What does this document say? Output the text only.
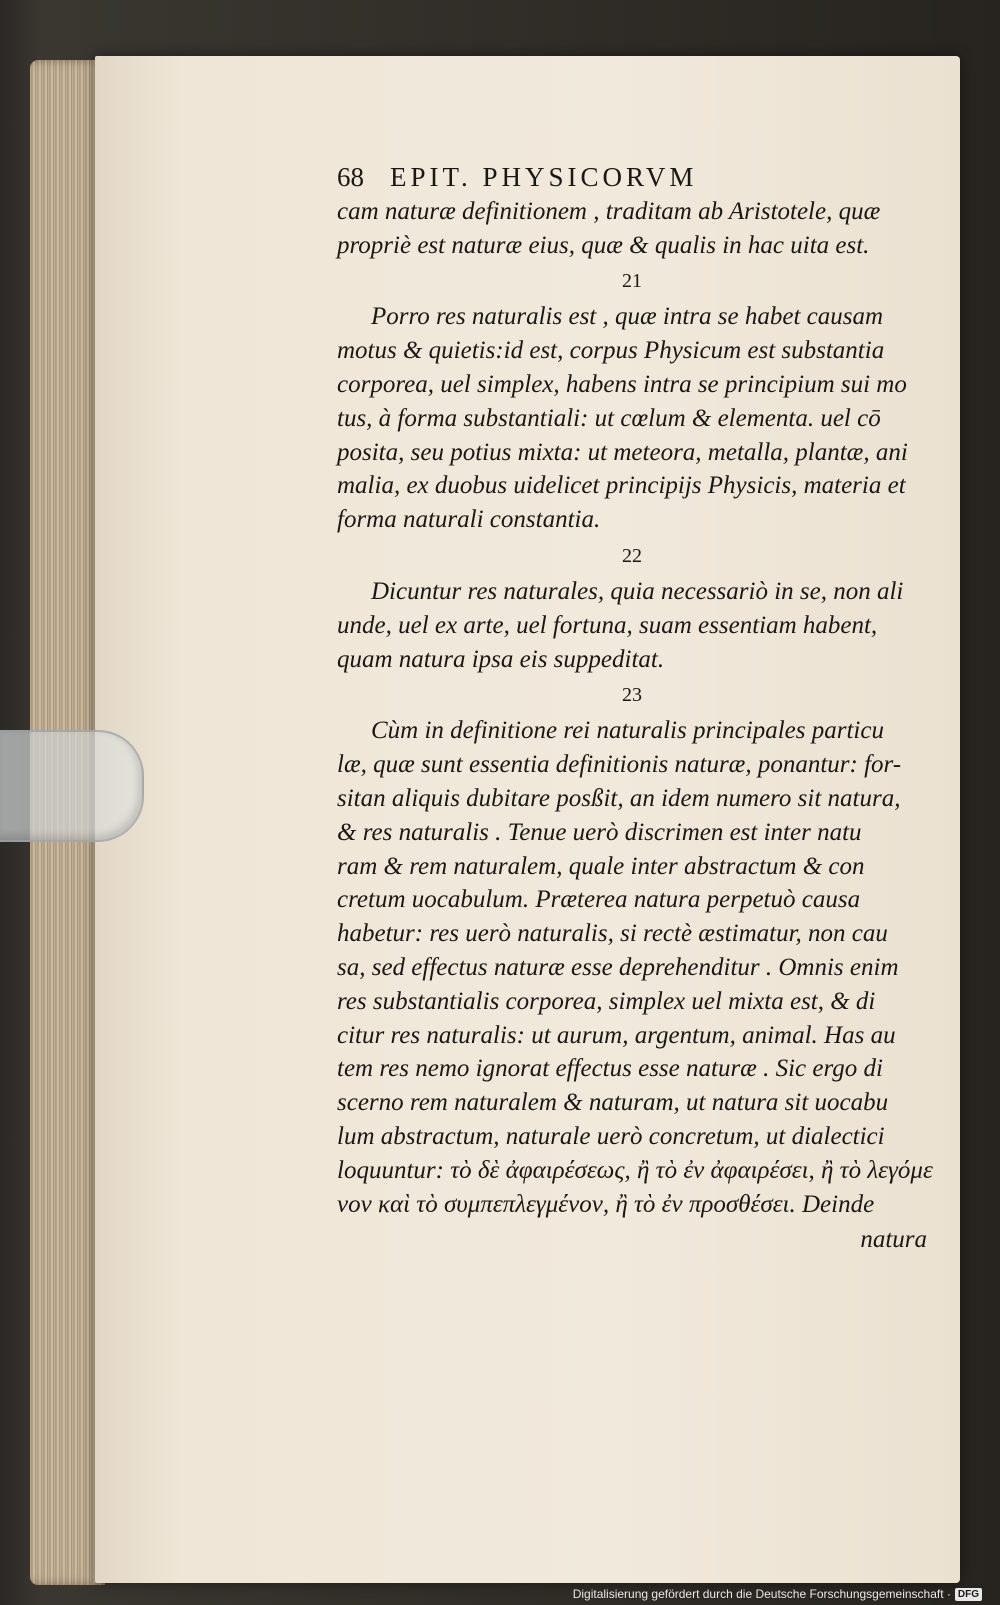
68 EPIT. PHYSICORVM

cam naturæ definitionem , traditam ab Aristotele, quæ
propriè est naturæ eius, quæ & qualis in hac uita est.

21

Porro res naturalis est , quæ intra se habet causam
motus & quietis:id est, corpus Physicum est substantia
corporea, uel simplex, habens intra se principium sui mo
tus, à forma substantiali: ut cœlum & elementa. uel cō
posita, seu potius mixta: ut meteora, metalla, plantæ, ani
malia, ex duobus uidelicet principijs Physicis, materia et
forma naturali constantia.

22

Dicuntur res naturales, quia necessariò in se, non ali
unde, uel ex arte, uel fortuna, suam essentiam habent,
quam natura ipsa eis suppeditat.

23

Cùm in definitione rei naturalis principales particu
læ, quæ sunt essentia definitionis naturæ, ponantur: for-
sitan aliquis dubitare posßit, an idem numero sit natura,
& res naturalis . Tenue uerò discrimen est inter natu
ram & rem naturalem, quale inter abstractum & con
cretum uocabulum. Præterea natura perpetuò causa
habetur: res uerò naturalis, si rectè æstimatur, non cau
sa, sed effectus naturæ esse deprehenditur . Omnis enim
res substantialis corporea, simplex uel mixta est, & di
citur res naturalis: ut aurum, argentum, animal. Has au
tem res nemo ignorat effectus esse naturæ . Sic ergo di
scerno rem naturalem & naturam, ut natura sit uocabu
lum abstractum, naturale uerò concretum, ut dialectici
loquuntur: τὸ δὲ ἀφαιρέσεως, ἢ τὸ ἐν ἀφαιρέσει, ἢ τὸ λεγόμε
νον καὶ τὸ συμπεπλεγμένον, ἢ τὸ ἐν προσθέσει. Deinde

natura
Digitalisierung gefördert durch die Deutsche Forschungsgemeinschaft · DFG
